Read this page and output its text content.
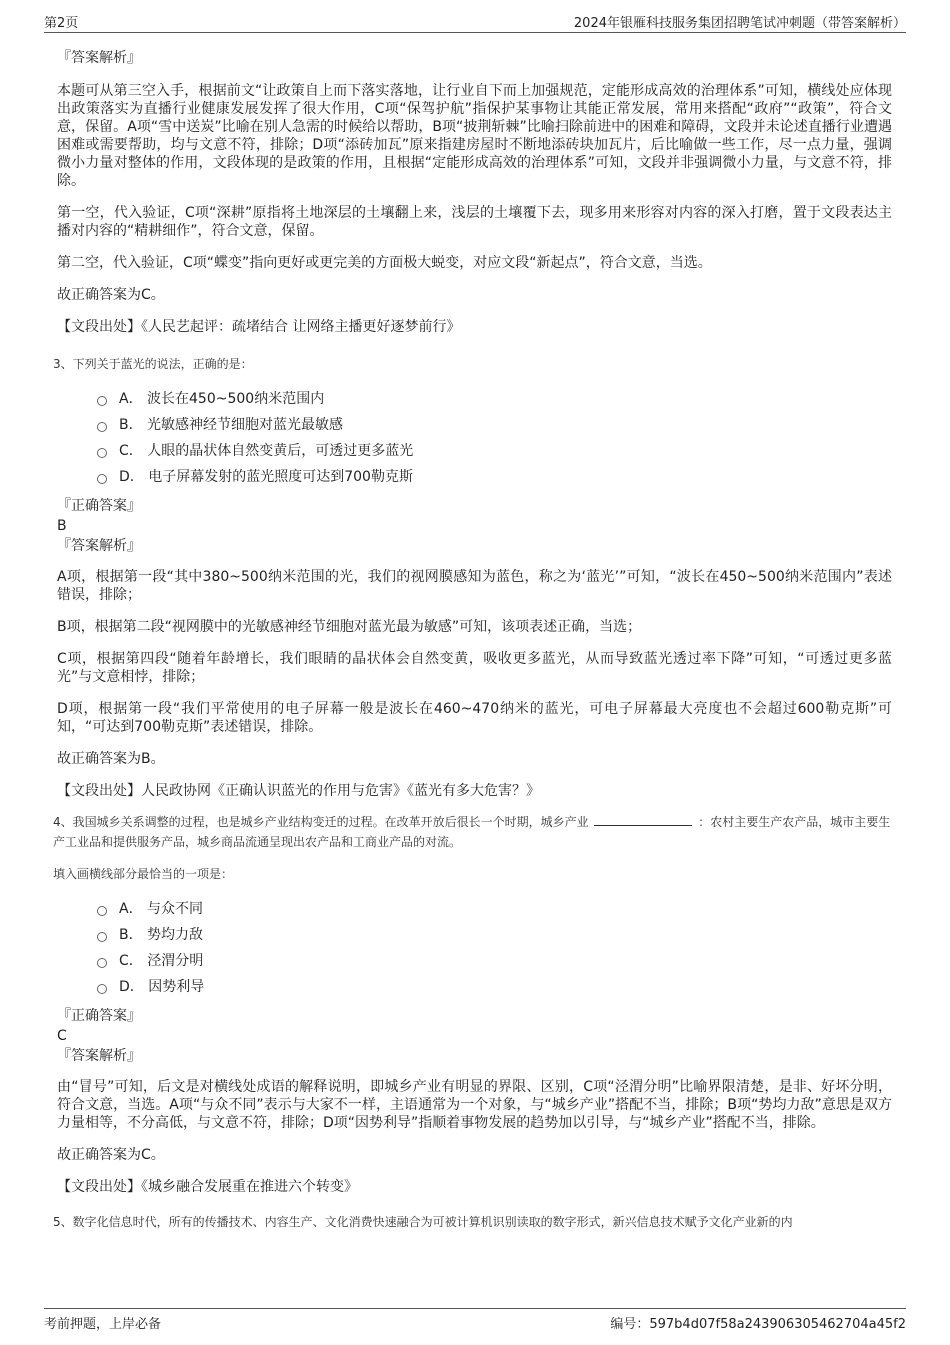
第2页	2024年银雁科技服务集团招聘笔试冲刺题（带答案解析）

『答案解析』

本题可从第三空入手，根据前文“让政策自上而下落实落地，让行业自下而上加强规范，定能形成高效的治理体系”可知，横线处应体现出政策落实为直播行业健康发展发挥了很大作用，C项“保驾护航”指保护某事物让其能正常发展，常用来搭配“政府”“政策”，符合文意，保留。A项“雪中送炭”比喻在别人急需的时候给以帮助，B项“披荆斩棘”比喻扫除前进中的困难和障碍，文段并未论述直播行业遭遇困难或需要帮助，均与文意不符，排除；D项“添砖加瓦”原来指建房屋时不断地添砖块加瓦片，后比喻做一些工作，尽一点力量，强调微小力量对整体的作用，文段体现的是政策的作用，且根据“定能形成高效的治理体系”可知，文段并非强调微小力量，与文意不符，排除。

第一空，代入验证，C项“深耕”原指将土地深层的土壤翻上来，浅层的土壤覆下去，现多用来形容对内容的深入打磨，置于文段表达主播对内容的“精耕细作”，符合文意，保留。

第二空，代入验证，C项“蝶变”指向更好或更完美的方面极大蜕变，对应文段“新起点”，符合文意，当选。

故正确答案为C。

【文段出处】《人民艺起评：疏堵结合 让网络主播更好逐梦前行》

3、下列关于蓝光的说法，正确的是：

A． 波长在450~500纳米范围内
B． 光敏感神经节细胞对蓝光最敏感
C． 人眼的晶状体自然变黄后，可透过更多蓝光
D． 电子屏幕发射的蓝光照度可达到700勒克斯

『正确答案』

B

『答案解析』

A项，根据第一段“其中380~500纳米范围的光，我们的视网膜感知为蓝色，称之为‘蓝光’”可知，“波长在450~500纳米范围内”表述错误，排除；

B项，根据第二段“视网膜中的光敏感神经节细胞对蓝光最为敏感”可知，该项表述正确，当选；

C项，根据第四段“随着年龄增长，我们眼睛的晶状体会自然变黄，吸收更多蓝光，从而导致蓝光透过率下降”可知，“可透过更多蓝光”与文意相悖，排除；

D项，根据第一段“我们平常使用的电子屏幕一般是波长在460~470纳米的蓝光，可电子屏幕最大亮度也不会超过600勒克斯”可知，“可达到700勒克斯”表述错误，排除。

故正确答案为B。

【文段出处】人民政协网《正确认识蓝光的作用与危害》《蓝光有多大危害？》

4、我国城乡关系调整的过程，也是城乡产业结构变迁的过程。在改革开放后很长一个时期，城乡产业	：农村主要生产农产品，城市主要生产工业品和提供服务产品，城乡商品流通呈现出农产品和工商业产品的对流。

填入画横线部分最恰当的一项是：

A． 与众不同
B． 势均力敌
C． 泾渭分明
D． 因势利导

『正确答案』

C

『答案解析』

由“冒号”可知，后文是对横线处成语的解释说明，即城乡产业有明显的界限、区别，C项“泾渭分明”比喻界限清楚，是非、好坏分明，符合文意，当选。A项“与众不同”表示与大家不一样，主语通常为一个对象，与“城乡产业”搭配不当，排除；B项“势均力敌”意思是双方力量相等，不分高低，与文意不符，排除；D项“因势利导”指顺着事物发展的趋势加以引导，与“城乡产业”搭配不当，排除。

故正确答案为C。

【文段出处】《城乡融合发展重在推进六个转变》

5、数字化信息时代，所有的传播技术、内容生产、文化消费快速融合为可被计算机识别读取的数字形式，新兴信息技术赋予文化产业新的内

考前押题，上岸必备	编号：597b4d07f58a243906305462704a45f2
